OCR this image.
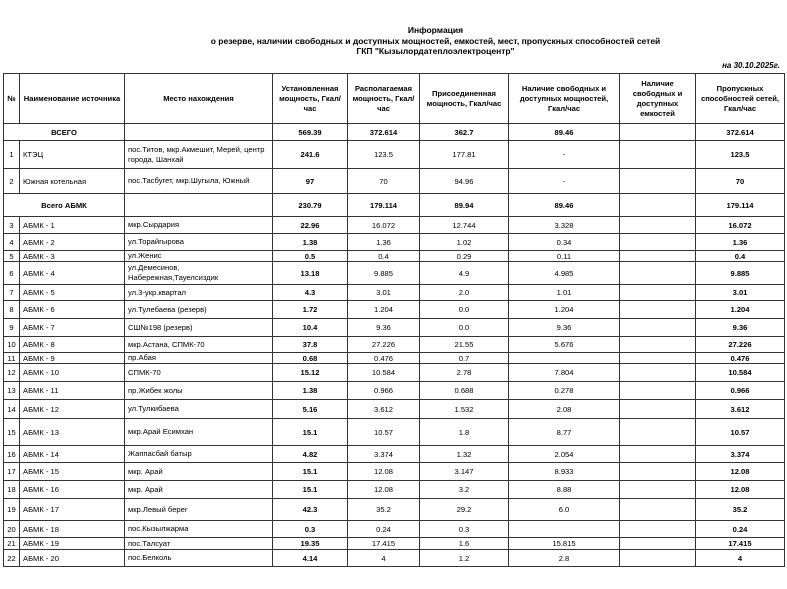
Информация
о резерве, наличии свободных и доступных мощностей, емкостей, мест, пропускных способностей сетей
ГКП "Кызылордатеплоэлектроцентр"
на 30.10.2025г.
№	Наименование источника	Место нахождения	Установленная мощность, Гкал/час	Располагаемая мощность, Гкал/час	Присоединенная мощность, Гкал/час	Наличие свободных и доступных мощностей, Гкал/час	Наличие свободных и доступных емкостей	Пропускных способностей сетей, Гкал/час
ВСЕГО			569.39	372.614	362.7	89.46		372.614
1	КТЭЦ	пос.Титов, мкр.Акмешит, Мерей, центр города, Шанхай	241.6	123.5	177.81	-		123.5
2	Южная котельная	пос.Тасбугет, мкр.Шугыла, Южный	97	70	94.96	-		70
Всего АБМК			230.79	179.114	89.94	89.46		179.114
3	АБМК - 1	мкр.Сырдария	22.96	16.072	12.744	3.328		16.072
4	АБМК - 2	ул.Торайгырова	1.38	1.36	1.02	0.34		1.36
5	АБМК - 3	ул.Женис	0.5	0.4	0.29	0.11		0.4
6	АБМК - 4	ул.Демесинов, Набережная,Тауелсиздик	13.18	9.885	4.9	4.985		9.885
7	АБМК - 5	ул.3-укр.квартал	4.3	3.01	2.0	1.01		3.01
8	АБМК - 6	ул.Тулебаева (резерв)	1.72	1.204	0.0	1.204		1.204
9	АБМК - 7	СШ№198 (резерв)	10.4	9.36	0.0	9.36		9.36
10	АБМК - 8	мкр.Астана, СПМК-70	37.8	27.226	21.55	5.676		27.226
11	АБМК - 9	пр.Абая	0.68	0.476	0.7			0.476
12	АБМК - 10	СПМК-70	15.12	10.584	2.78	7.804		10.584
13	АБМК - 11	пр.Жибек жолы	1.38	0.966	0.688	0.278		0.966
14	АБМК - 12	ул.Тулкибаева	5.16	3.612	1.532	2.08		3.612
15	АБМК - 13	мкр.Арай Есимхан	15.1	10.57	1.8	8.77		10.57
16	АБМК - 14	Жаппасбай батыр	4.82	3.374	1.32	2.054		3.374
17	АБМК - 15	мкр. Арай	15.1	12.08	3.147	8.933		12.08
18	АБМК - 16	мкр. Арай	15.1	12.08	3.2	8.88		12.08
19	АБМК - 17	мкр.Левый берег	42.3	35.2	29.2	6.0		35.2
20	АБМК - 18	пос.Кызылжарма	0.3	0.24	0.3			0.24
21	АБМК - 19	пос.Талсуат	19.35	17.415	1.6	15.815		17.415
22	АБМК - 20	пос.Белколь	4.14	4	1.2	2.8		4
